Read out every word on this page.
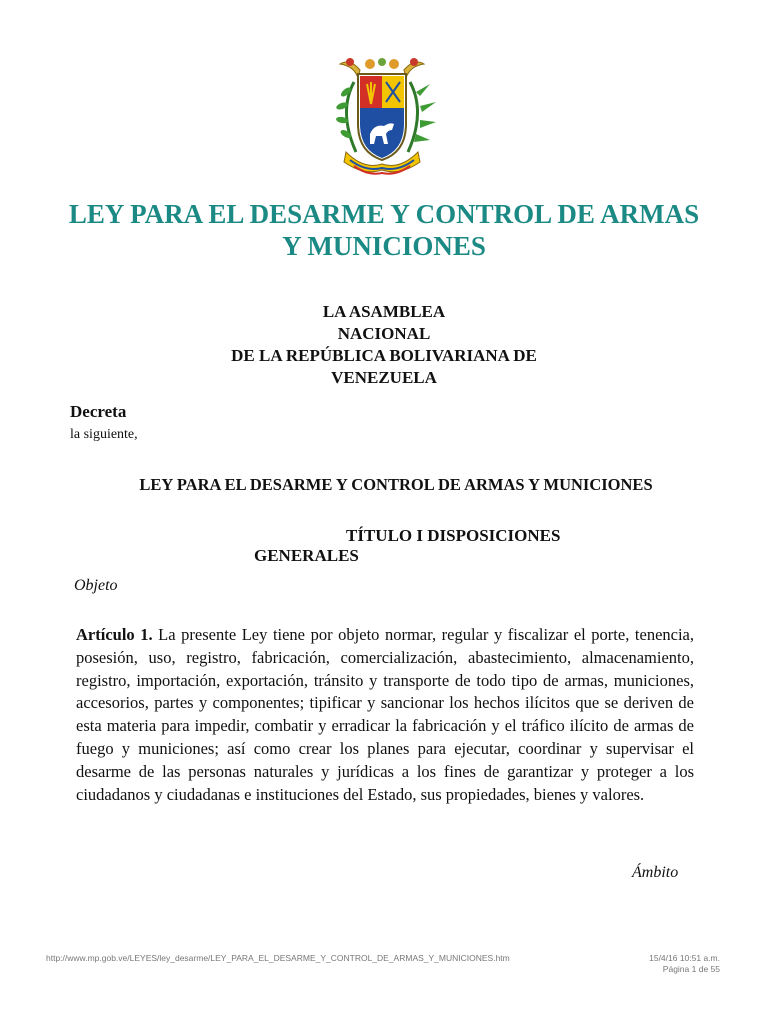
LEY PARA EL DESARME Y CONTROL DE ARMAS Y MUNICIONES
LA ASAMBLEA
NACIONAL
DE LA REPÚBLICA BOLIVARIANA DE
VENEZUELA
Decreta
la siguiente,
LEY PARA EL DESARME Y CONTROL DE ARMAS Y MUNICIONES
TÍTULO I DISPOSICIONES
GENERALES
Objeto

Artículo 1. La presente Ley tiene por objeto normar, regular y fiscalizar el porte, tenencia, posesión, uso, registro, fabricación, comercialización, abastecimiento, almacenamiento, registro, importación, exportación, tránsito y transporte de todo tipo de armas, municiones, accesorios, partes y componentes; tipificar y sancionar los hechos ilícitos que se deriven de esta materia para impedir, combatir y erradicar la fabricación y el tráfico ilícito de armas de fuego y municiones; así como crear los planes para ejecutar, coordinar y supervisar el desarme de las personas naturales y jurídicas a los fines de garantizar y proteger a los ciudadanos y ciudadanas e instituciones del Estado, sus propiedades, bienes y valores.

Ámbito
http://www.mp.gob.ve/LEYES/ley_desarme/LEY_PARA_EL_DESARME_Y_CONTROL_DE_ARMAS_Y_MUNICIONES.htm	15/4/16 10:51 a.m.
Página 1 de 55
